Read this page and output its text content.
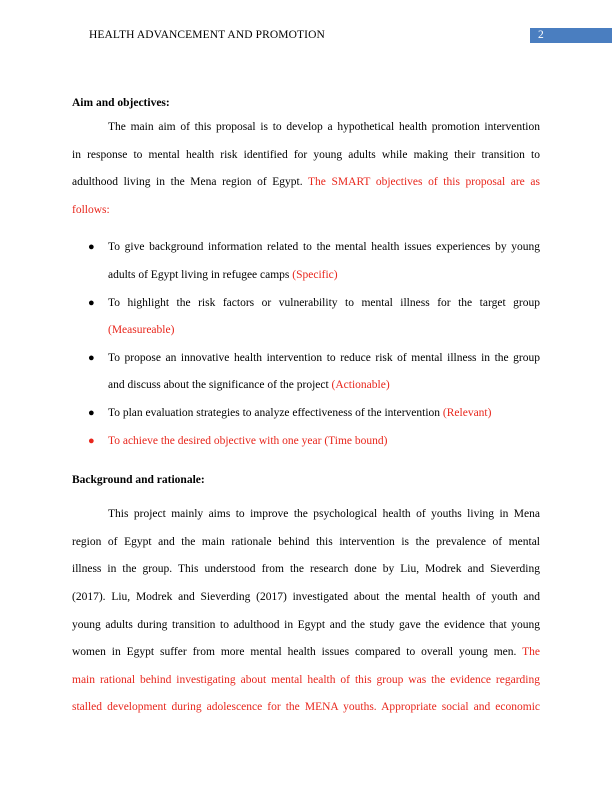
HEALTH ADVANCEMENT AND PROMOTION	2
Aim and objectives:
The main aim of this proposal is to develop a hypothetical health promotion intervention
in response to mental health risk identified for young adults while making their transition to
adulthood living in the Mena region of Egypt. The SMART objectives of this proposal are as
follows:
● To give background information related to the mental health issues experiences by young
adults of Egypt living in refugee camps (Specific)
● To highlight the risk factors or vulnerability to mental illness for the target group
(Measureable)
● To propose an innovative health intervention to reduce risk of mental illness in the group
and discuss about the significance of the project (Actionable)
● To plan evaluation strategies to analyze effectiveness of the intervention (Relevant)
● To achieve the desired objective with one year (Time bound)
Background and rationale:
This project mainly aims to improve the psychological health of youths living in Mena
region of Egypt and the main rationale behind this intervention is the prevalence of mental
illness in the group. This understood from the research done by Liu, Modrek and Sieverding
(2017). Liu, Modrek and Sieverding (2017) investigated about the mental health of youth and
young adults during transition to adulthood in Egypt and the study gave the evidence that young
women in Egypt suffer from more mental health issues compared to overall young men. The
main rational behind investigating about mental health of this group was the evidence regarding
stalled development during adolescence for the MENA youths. Appropriate social and economic
